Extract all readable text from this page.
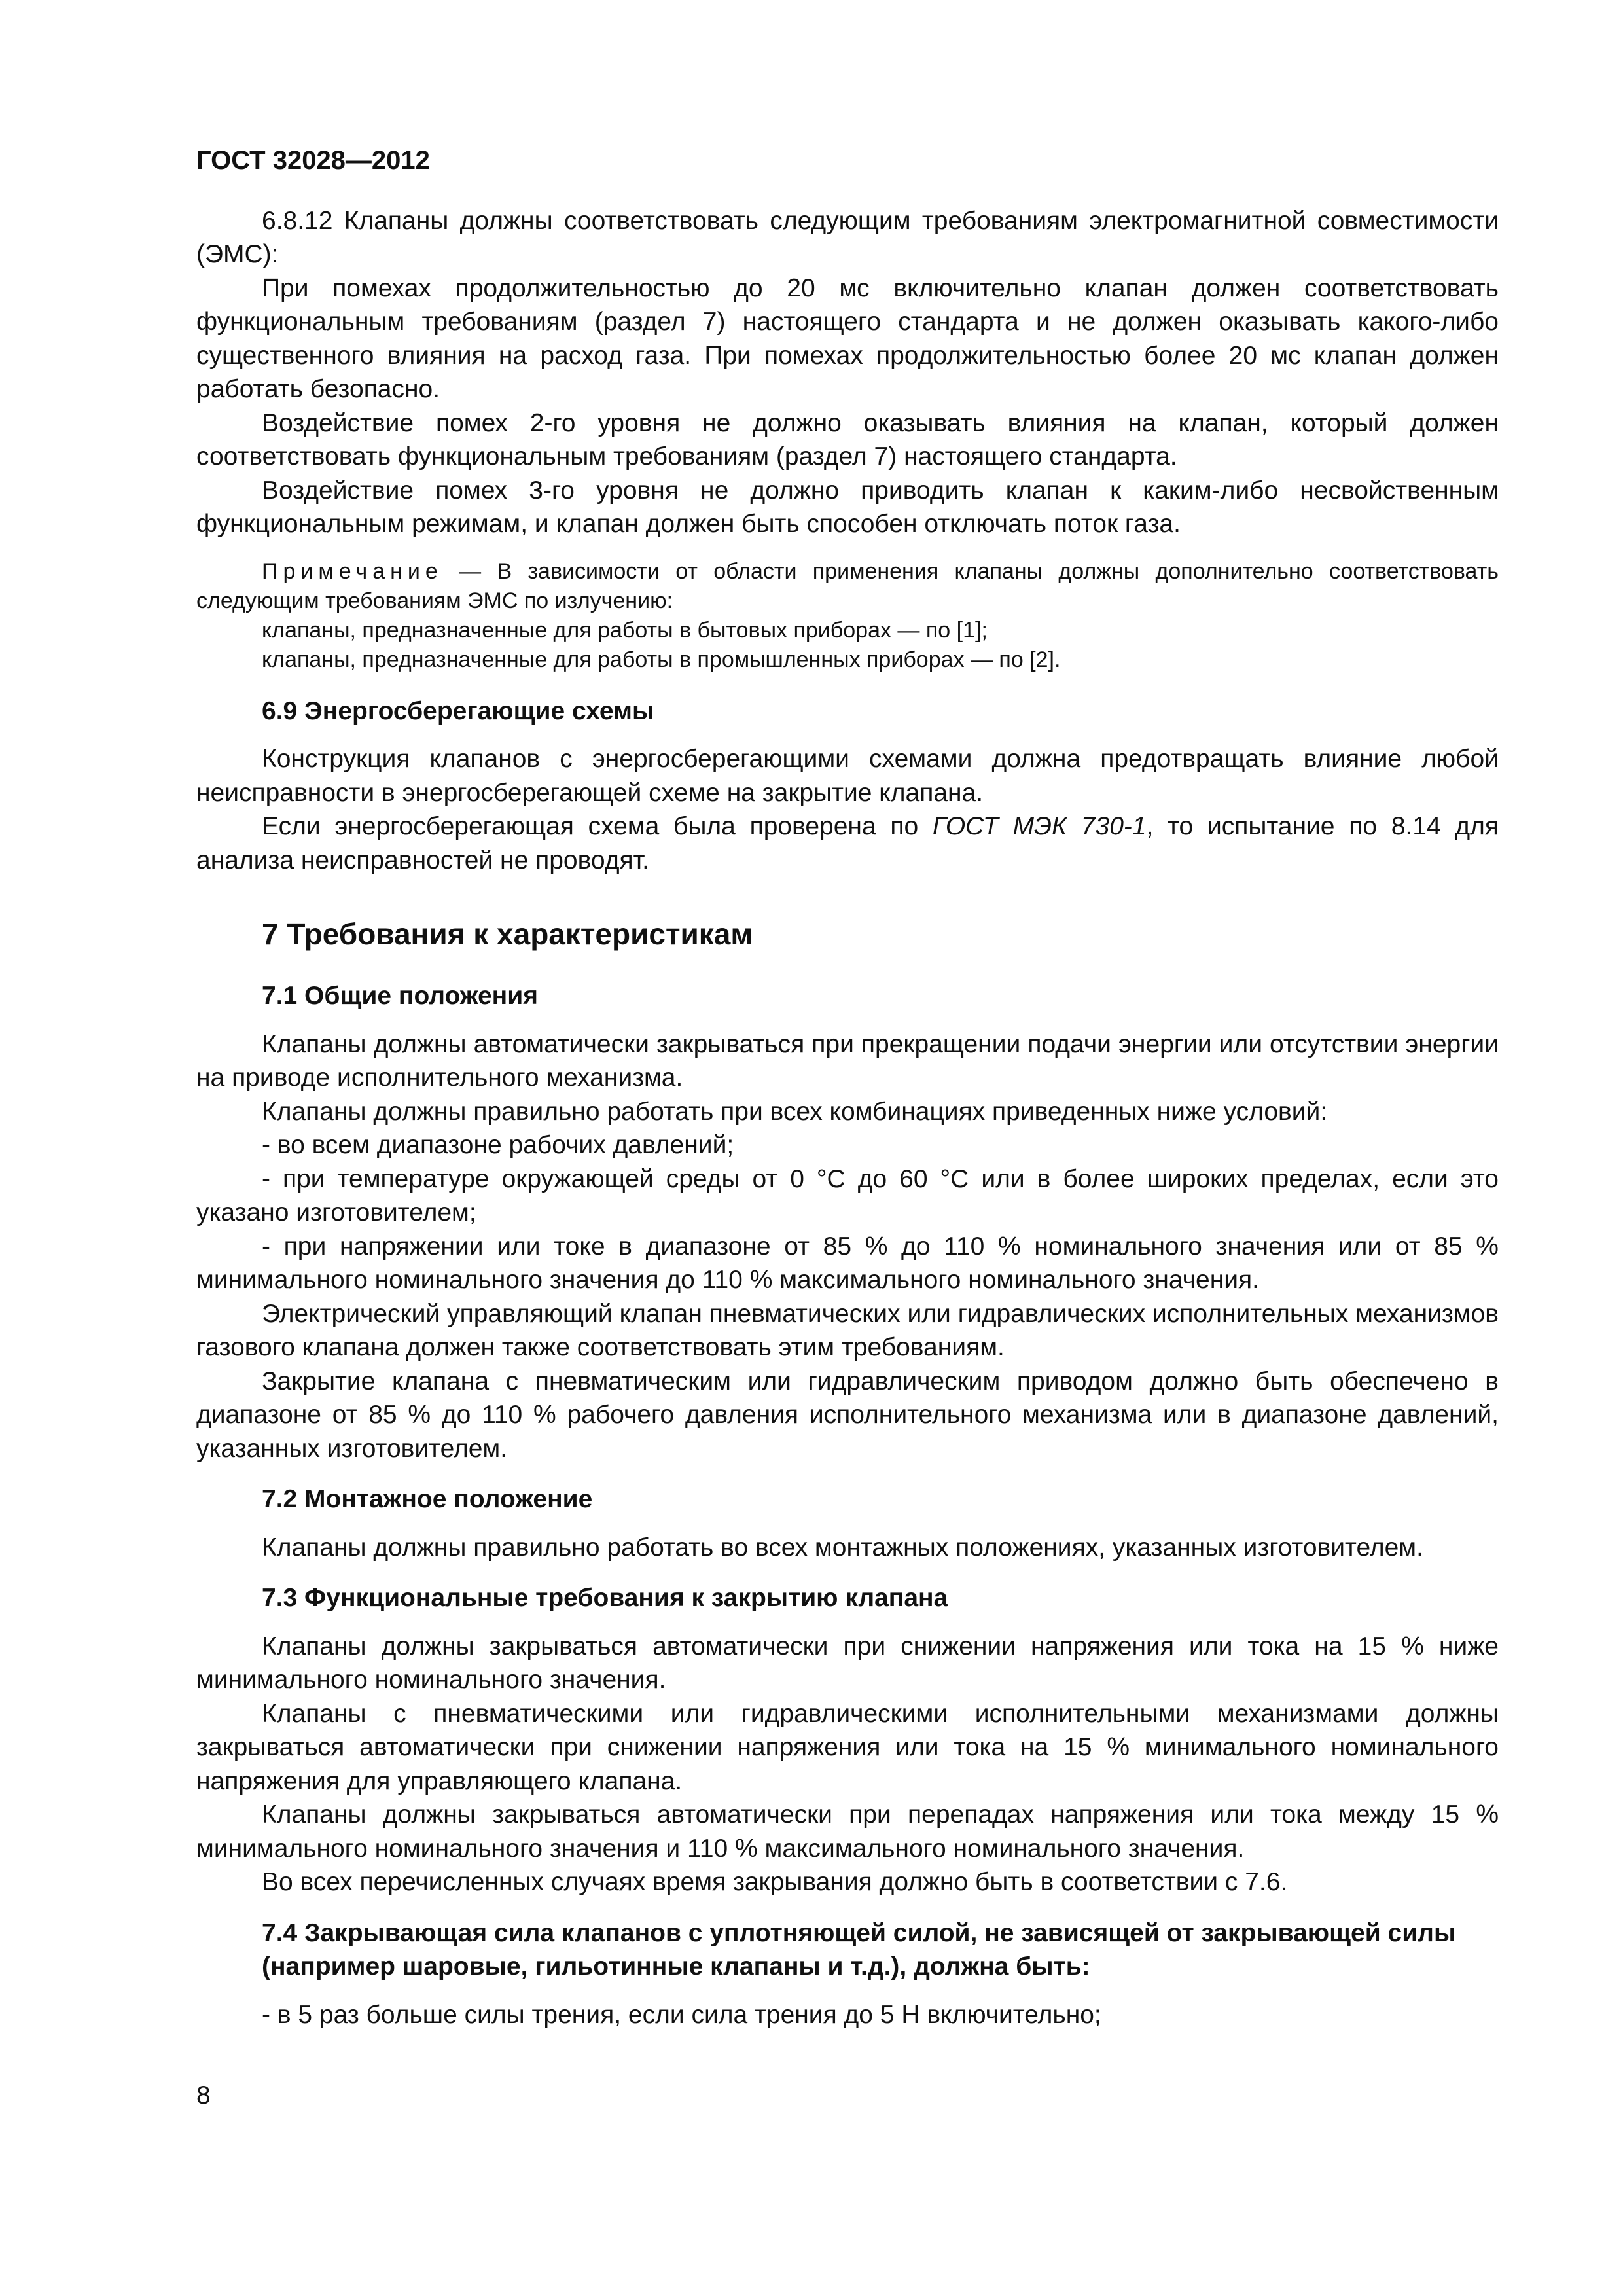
ГОСТ 32028—2012

6.8.12 Клапаны должны соответствовать следующим требованиям электромагнитной совместимости (ЭМС):

При помехах продолжительностью до 20 мс включительно клапан должен соответствовать функциональным требованиям (раздел 7) настоящего стандарта и не должен оказывать какого-либо существенного влияния на расход газа. При помехах продолжительностью более 20 мс клапан должен работать безопасно.

Воздействие помех 2-го уровня не должно оказывать влияния на клапан, который должен соответствовать функциональным требованиям (раздел 7) настоящего стандарта.

Воздействие помех 3-го уровня не должно приводить клапан к каким-либо несвойственным функциональным режимам, и клапан должен быть способен отключать поток газа.

Примечание — В зависимости от области применения клапаны должны дополнительно соответствовать следующим требованиям ЭМС по излучению:

клапаны, предназначенные для работы в бытовых приборах — по [1];

клапаны, предназначенные для работы в промышленных приборах — по [2].

6.9 Энергосберегающие схемы

Конструкция клапанов с энергосберегающими схемами должна предотвращать влияние любой неисправности в энергосберегающей схеме на закрытие клапана.

Если энергосберегающая схема была проверена по ГОСТ МЭК 730-1, то испытание по 8.14 для анализа неисправностей не проводят.

7 Требования к характеристикам
7.1 Общие положения

Клапаны должны автоматически закрываться при прекращении подачи энергии или отсутствии энергии на приводе исполнительного механизма.

Клапаны должны правильно работать при всех комбинациях приведенных ниже условий:

- во всем диапазоне рабочих давлений;

- при температуре окружающей среды от 0 °С до 60 °С или в более широких пределах, если это указано изготовителем;

- при напряжении или токе в диапазоне от 85 % до 110 % номинального значения или от 85 % минимального номинального значения до 110 % максимального номинального значения.

Электрический управляющий клапан пневматических или гидравлических исполнительных механизмов газового клапана должен также соответствовать этим требованиям.

Закрытие клапана с пневматическим или гидравлическим приводом должно быть обеспечено в диапазоне от 85 % до 110 % рабочего давления исполнительного механизма или в диапазоне давлений, указанных изготовителем.

7.2 Монтажное положение

Клапаны должны правильно работать во всех монтажных положениях, указанных изготовителем.

7.3 Функциональные требования к закрытию клапана

Клапаны должны закрываться автоматически при снижении напряжения или тока на 15 % ниже минимального номинального значения.

Клапаны с пневматическими или гидравлическими исполнительными механизмами должны закрываться автоматически при снижении напряжения или тока на 15 % минимального номинального напряжения для управляющего клапана.

Клапаны должны закрываться автоматически при перепадах напряжения или тока между 15 % минимального номинального значения и 110 % максимального номинального значения.

Во всех перечисленных случаях время закрывания должно быть в соответствии с 7.6.

7.4 Закрывающая сила клапанов с уплотняющей силой, не зависящей от закрывающей силы (например шаровые, гильотинные клапаны и т.д.), должна быть:

- в 5 раз больше силы трения, если сила трения до 5 Н включительно;

8
